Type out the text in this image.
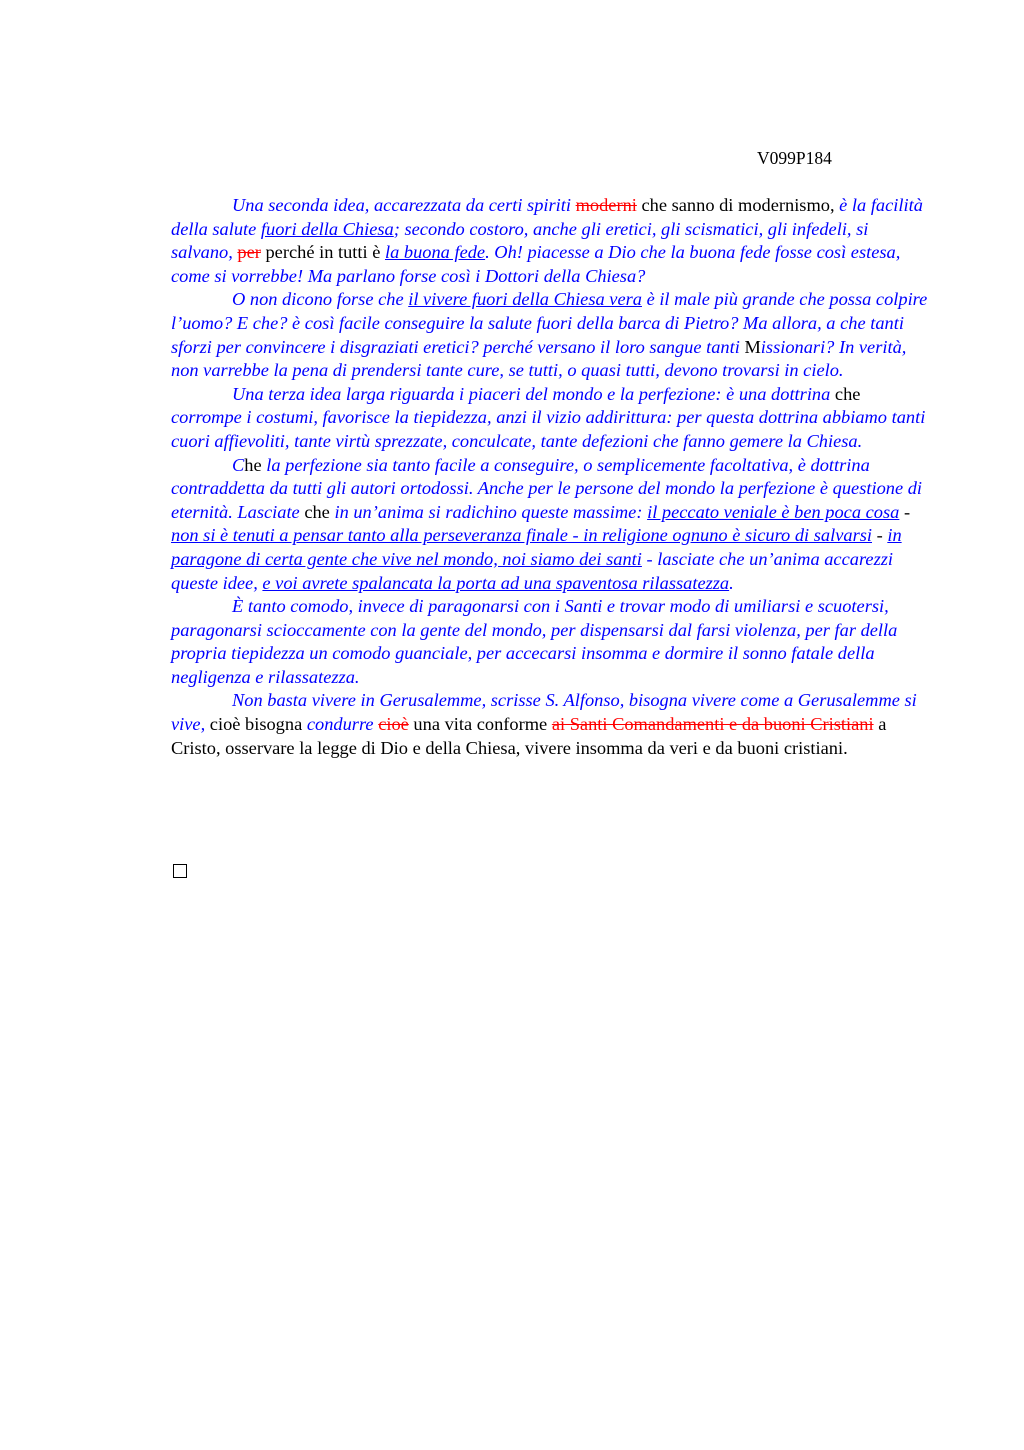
V099P184

Una seconda idea, accarezzata da certi spiriti moderni che sanno di modernismo, è la facilità della salute fuori della Chiesa; secondo costoro, anche gli eretici, gli scismatici, gli infedeli, si salvano, per perché in tutti è la buona fede. Oh! piacesse a Dio che la buona fede fosse così estesa, come si vorrebbe! Ma parlano forse così i Dottori della Chiesa?

O non dicono forse che il vivere fuori della Chiesa vera è il male più grande che possa colpire l’uomo? E che? è così facile conseguire la salute fuori della barca di Pietro? Ma allora, a che tanti sforzi per convincere i disgraziati eretici? perché versano il loro sangue tanti Missionari? In verità, non varrebbe la pena di prendersi tante cure, se tutti, o quasi tutti, devono trovarsi in cielo.

Una terza idea larga riguarda i piaceri del mondo e la perfezione: è una dottrina che corrompe i costumi, favorisce la tiepidezza, anzi il vizio addirittura: per questa dottrina abbiamo tanti cuori affievoliti, tante virtù sprezzate, conculcate, tante defezioni che fanno gemere la Chiesa.

Che la perfezione sia tanto facile a conseguire, o semplicemente facoltativa, è dottrina contraddetta da tutti gli autori ortodossi. Anche per le persone del mondo la perfezione è questione di eternità. Lasciate che in un’anima si radichino queste massime: il peccato veniale è ben poca cosa - non si è tenuti a pensar tanto alla perseveranza finale - in religione ognuno è sicuro di salvarsi - in paragone di certa gente che vive nel mondo, noi siamo dei santi - lasciate che un’anima accarezzi queste idee, e voi avrete spalancata la porta ad una spaventosa rilassatezza.

È tanto comodo, invece di paragonarsi con i Santi e trovar modo di umiliarsi e scuotersi, paragonarsi scioccamente con la gente del mondo, per dispensarsi dal farsi violenza, per far della propria tiepidezza un comodo guanciale, per accecarsi insomma e dormire il sonno fatale della negligenza e rilassatezza.

Non basta vivere in Gerusalemme, scrisse S. Alfonso, bisogna vivere come a Gerusalemme si vive, cioè bisogna condurre cioè una vita conforme ai Santi Comandamenti e da buoni Cristiani a Cristo, osservare la legge di Dio e della Chiesa, vivere insomma da veri e da buoni cristiani.
